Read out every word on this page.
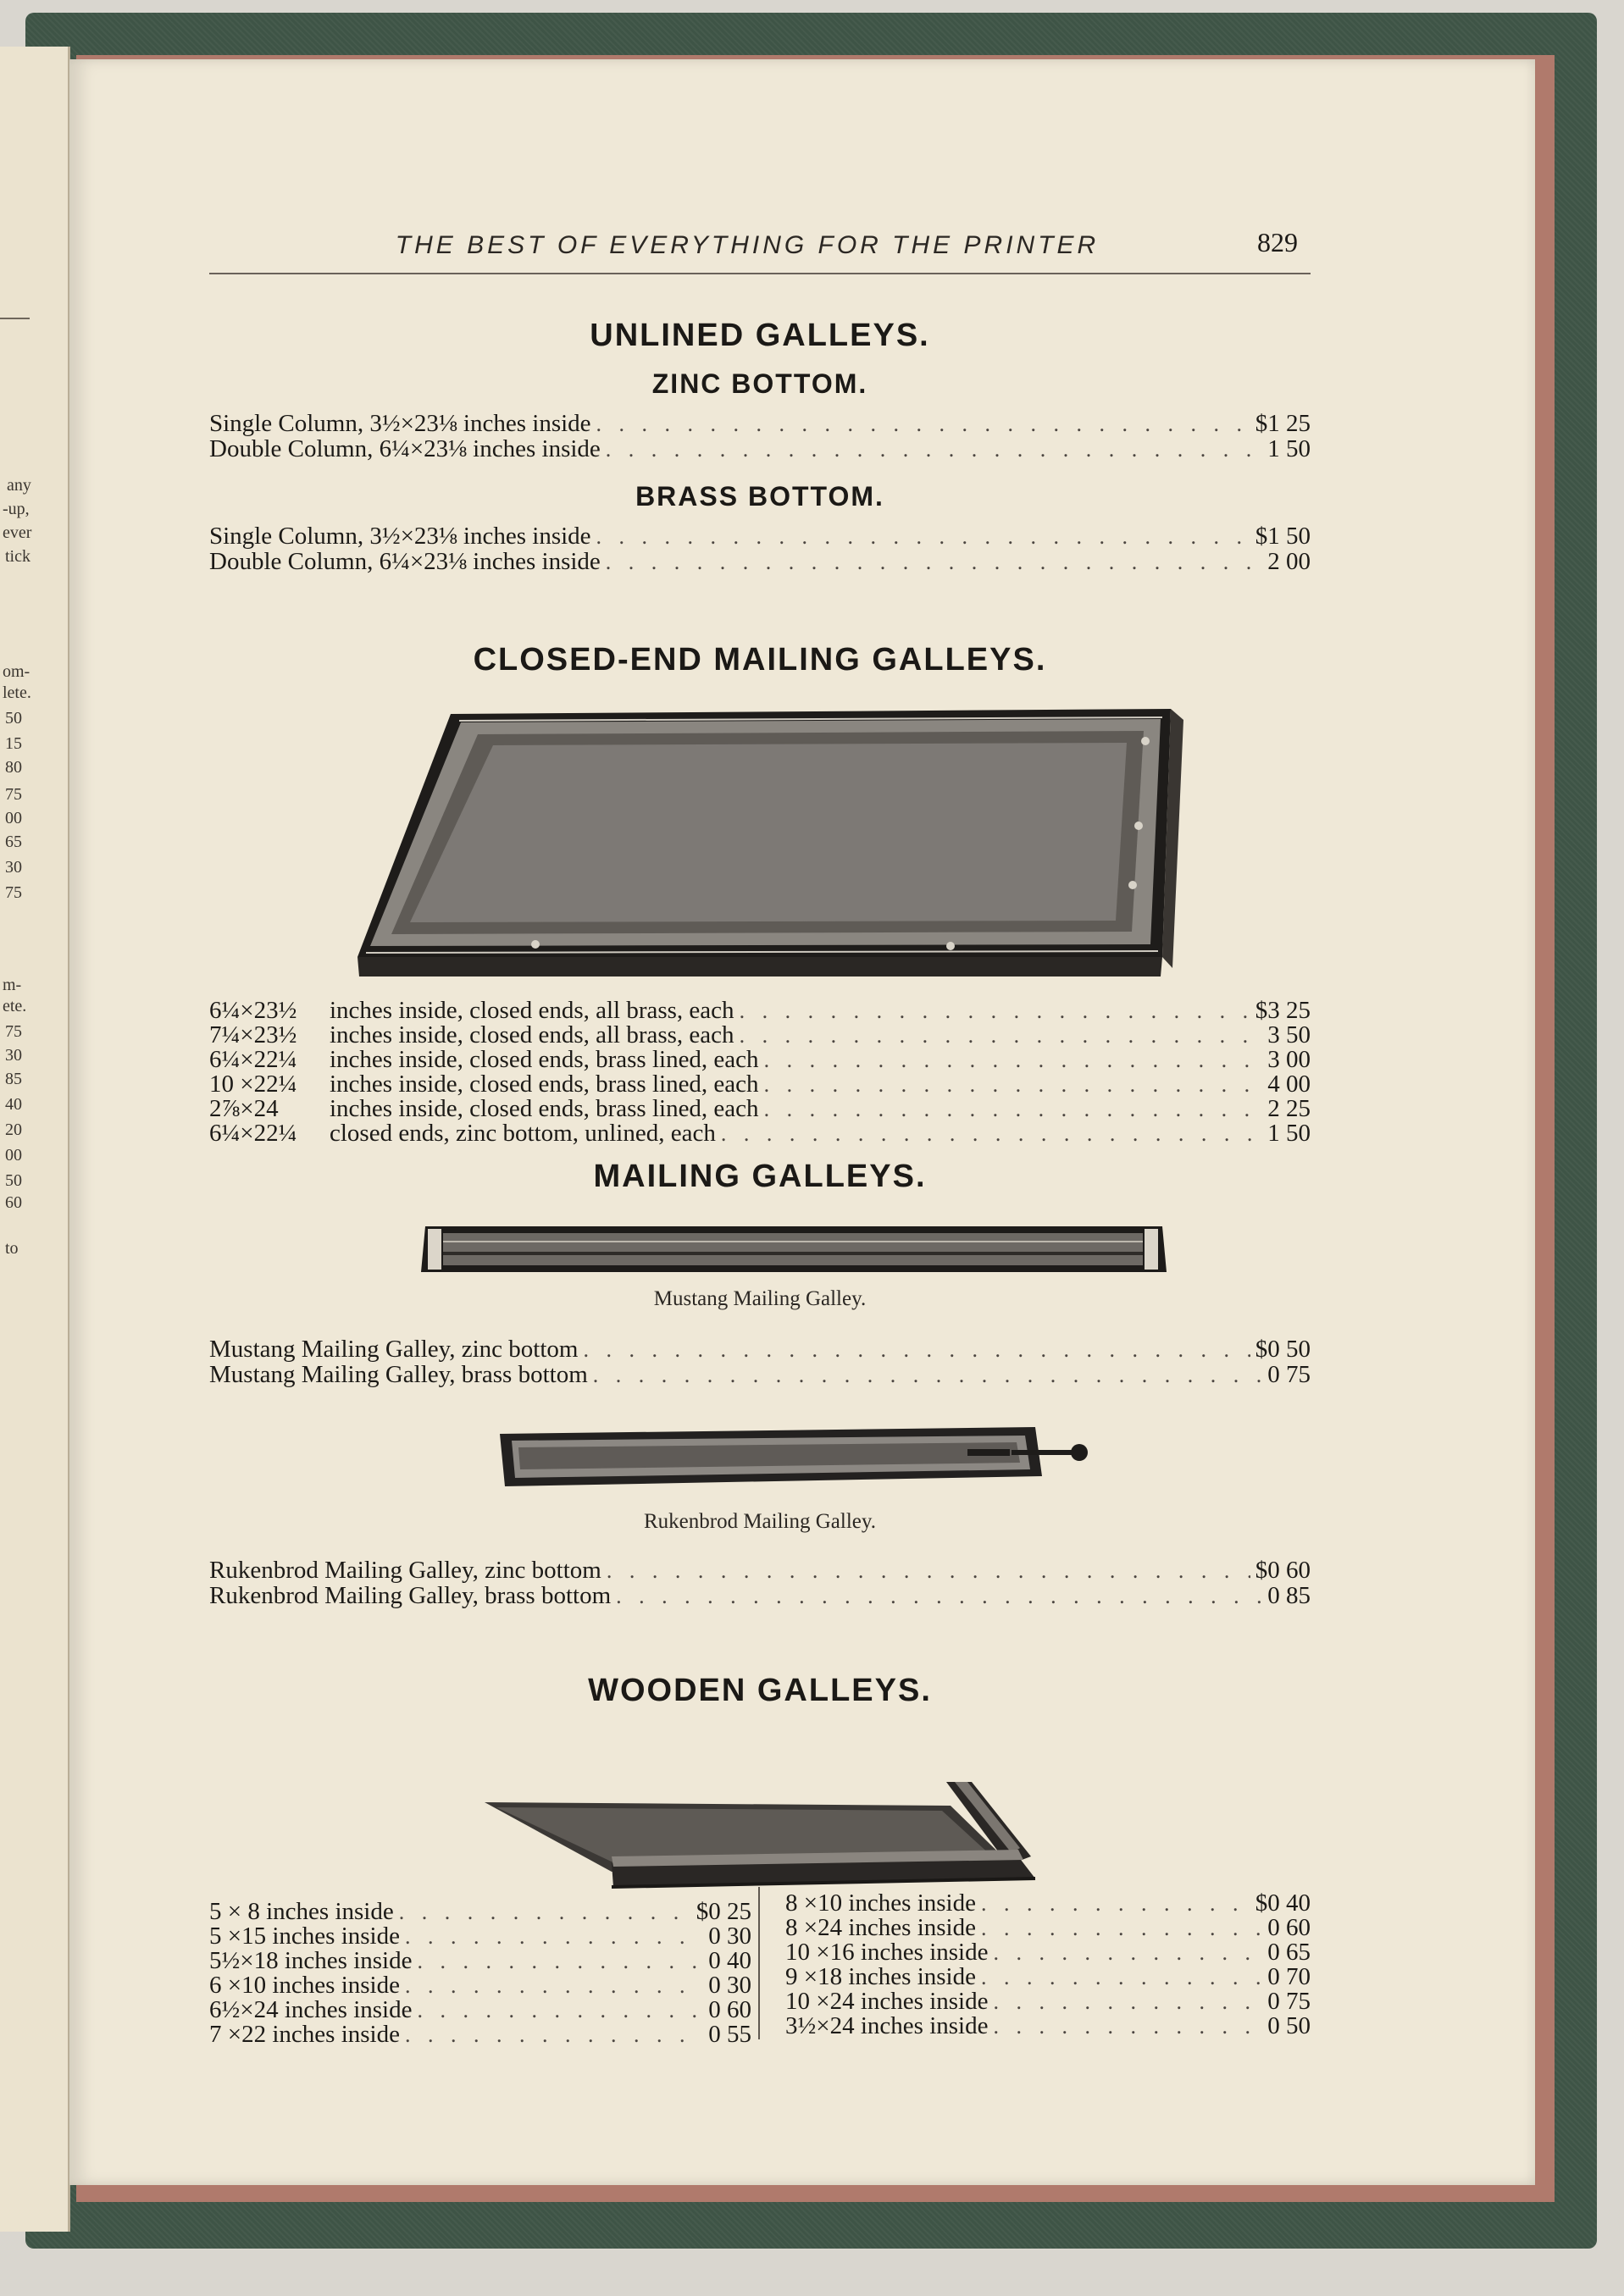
any
-up,
ever
tick
om-
lete.
50
15
80
75
00
65
30
75
m-
ete.
75
30
85
40
20
00
50
60
to
THE BEST OF EVERYTHING FOR THE PRINTER	829
UNLINED GALLEYS.
ZINC BOTTOM.
Single Column, 3½×23⅛ inches inside . . .	$1 25
Double Column, 6¼×23⅛ inches inside . . .	1 50
BRASS BOTTOM.
Single Column, 3½×23⅛ inches inside . . .	$1 50
Double Column, 6¼×23⅛ inches inside . . .	2 00
CLOSED-END MAILING GALLEYS.
6¼×23½ inches inside, closed ends, all brass, each . . .	$3 25
7¼×23½ inches inside, closed ends, all brass, each . . .	3 50
6¼×22¼ inches inside, closed ends, brass lined, each . . .	3 00
10 ×22¼ inches inside, closed ends, brass lined, each . . .	4 00
2⅞×24 inches inside, closed ends, brass lined, each . . .	2 25
6¼×22¼ closed ends, zinc bottom, unlined, each . . .	1 50
MAILING GALLEYS.
Mustang Mailing Galley.
Mustang Mailing Galley, zinc bottom . . .	$0 50
Mustang Mailing Galley, brass bottom . . .	0 75
Rukenbrod Mailing Galley.
Rukenbrod Mailing Galley, zinc bottom . . .	$0 60
Rukenbrod Mailing Galley, brass bottom . . .	0 85
WOODEN GALLEYS.
5 × 8 inches inside . . .	$0 25
5 ×15 inches inside . . .	0 30
5½×18 inches inside . . .	0 40
6 ×10 inches inside . . .	0 30
6½×24 inches inside . . .	0 60
7 ×22 inches inside . . .	0 55
8 ×10 inches inside . . .	$0 40
8 ×24 inches inside . . .	0 60
10 ×16 inches inside . . .	0 65
9 ×18 inches inside . . .	0 70
10 ×24 inches inside . . .	0 75
3½×24 inches inside . . .	0 50
